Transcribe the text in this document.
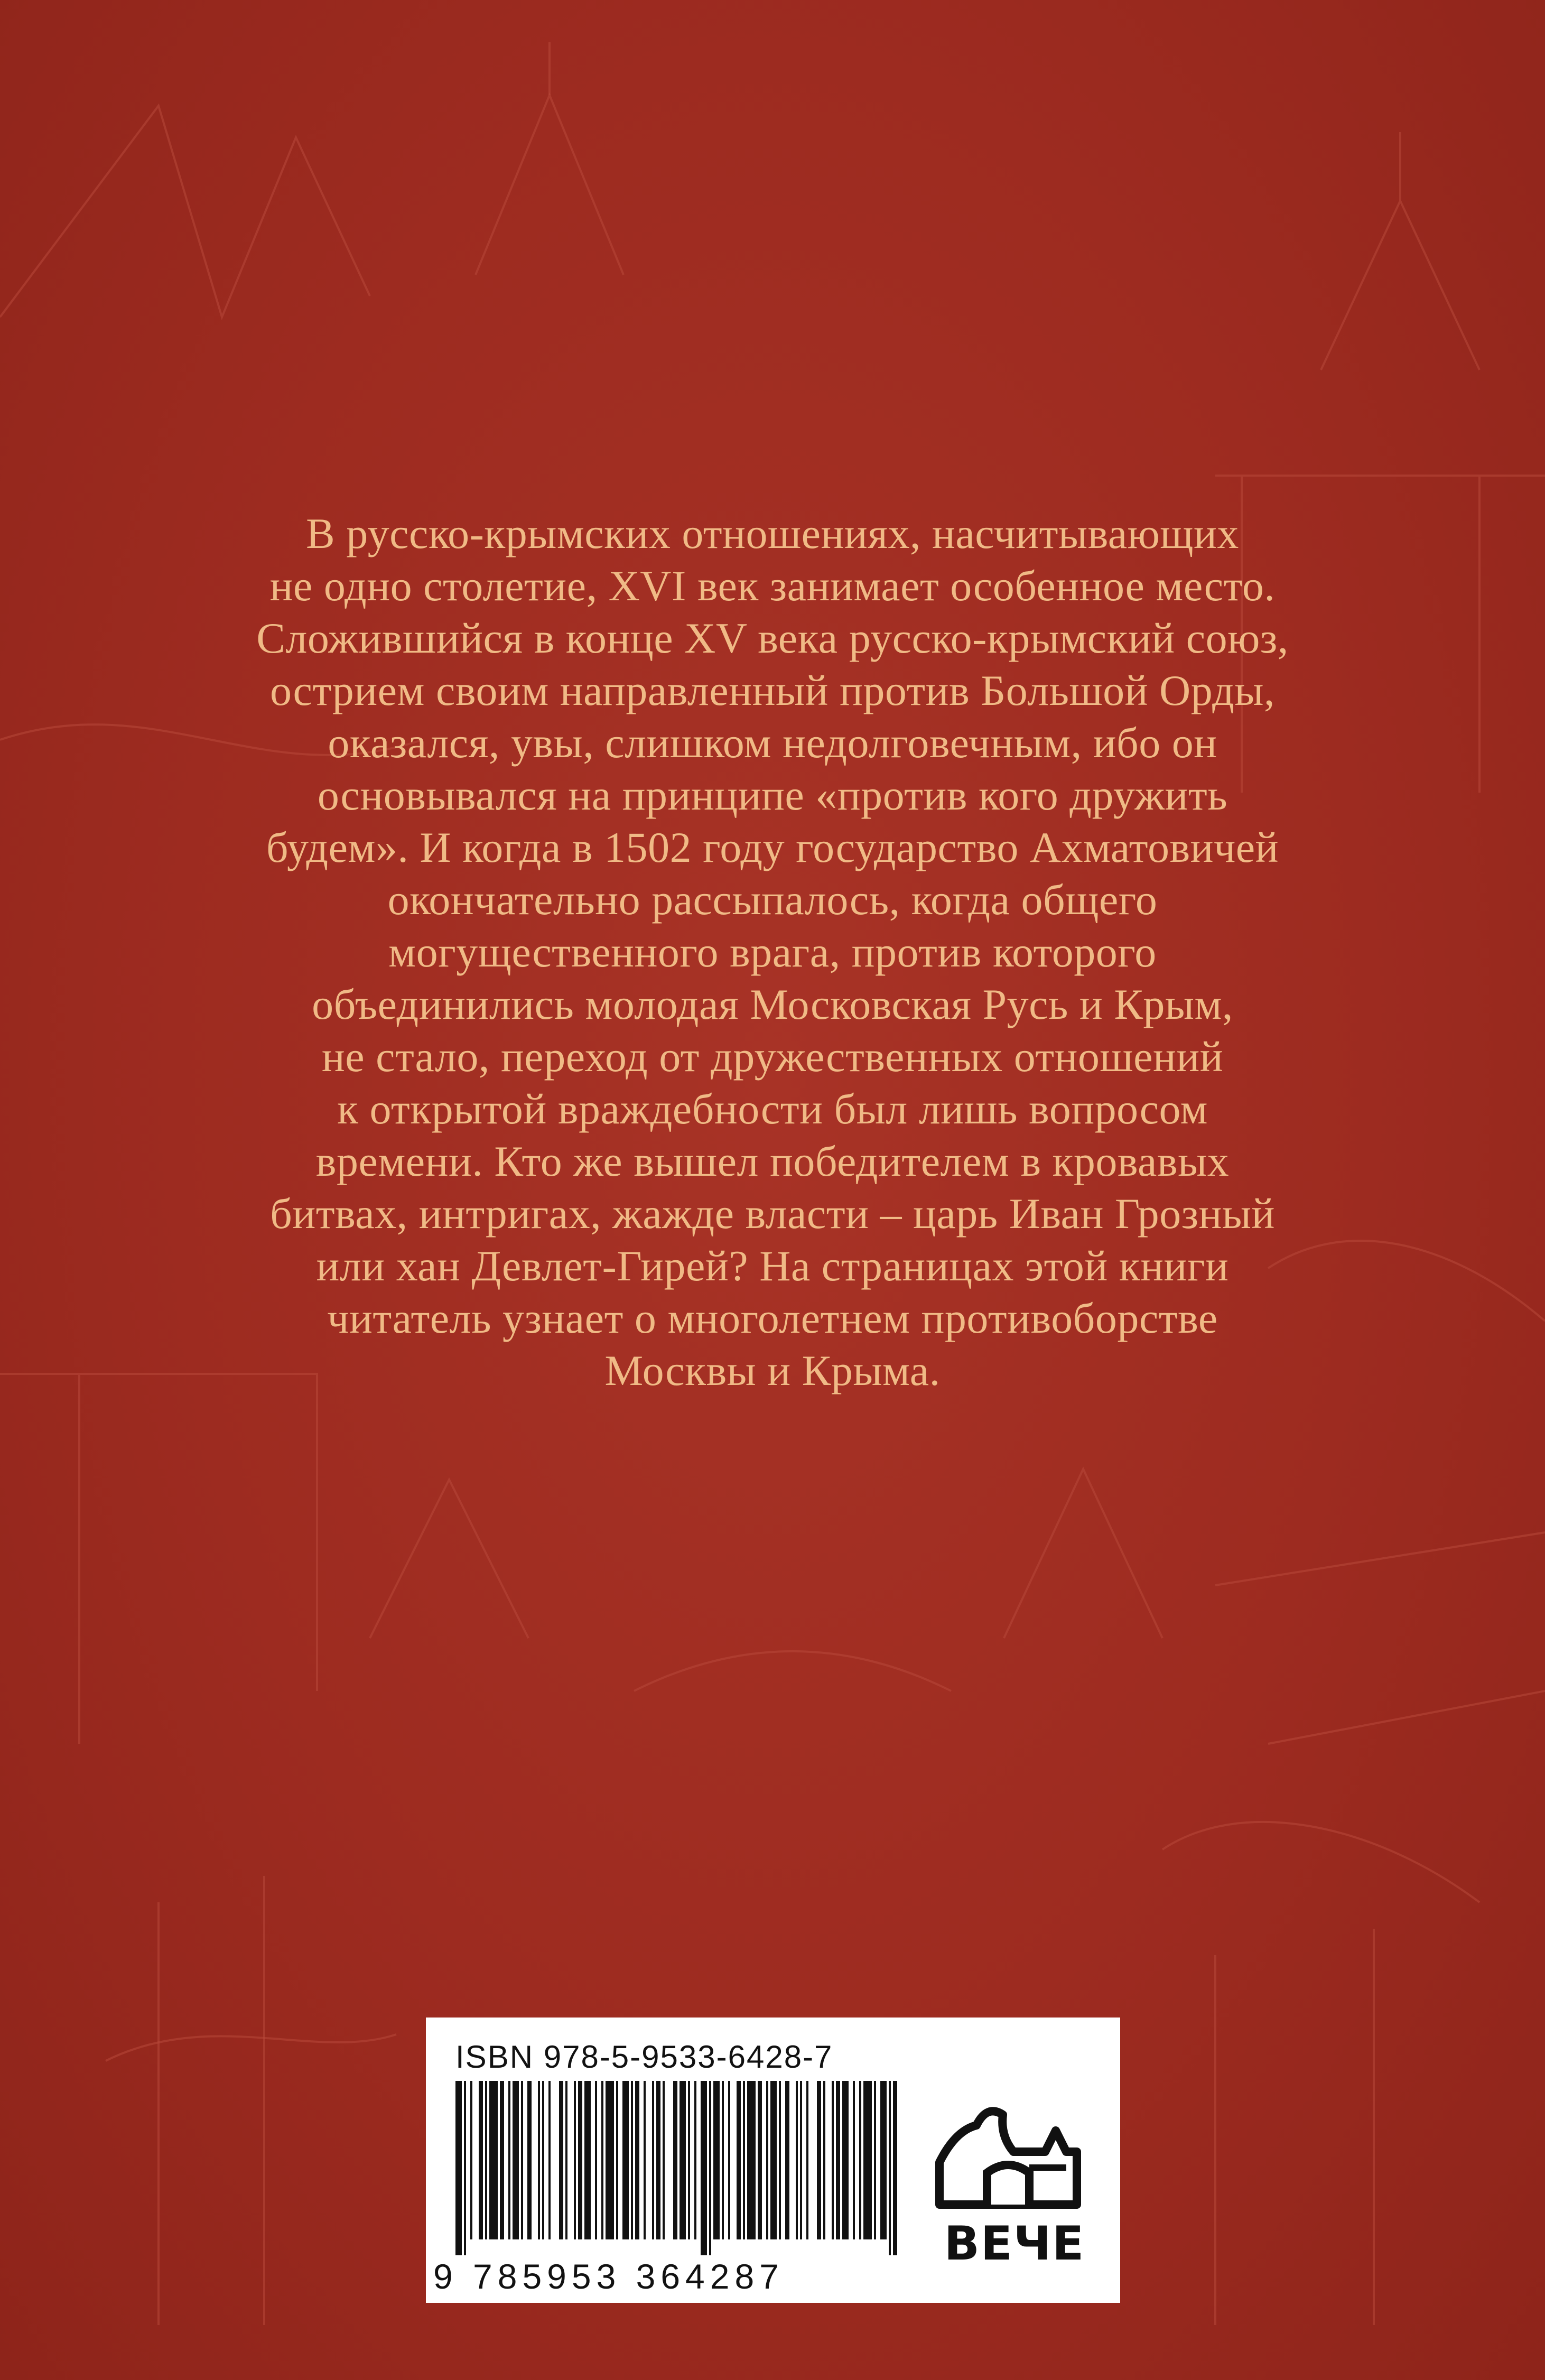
В русско-крымских отношениях, насчитывающих
не одно столетие, XVI век занимает особенное место.
Сложившийся в конце XV века русско-крымский союз,
острием своим направленный против Большой Орды,
оказался, увы, слишком недолговечным, ибо он
основывался на принципе «против кого дружить
будем». И когда в 1502 году государство Ахматовичей
окончательно рассыпалось, когда общего
могущественного врага, против которого
объединились молодая Московская Русь и Крым,
не стало, переход от дружественных отношений
к открытой враждебности был лишь вопросом
времени. Кто же вышел победителем в кровавых
битвах, интригах, жажде власти – царь Иван Грозный
или хан Девлет-Гирей? На страницах этой книги
читатель узнает о многолетнем противоборстве
Москвы и Крыма.
ISBN 978-5-9533-6428-7
9 785953 364287
ВЕЧЕ
